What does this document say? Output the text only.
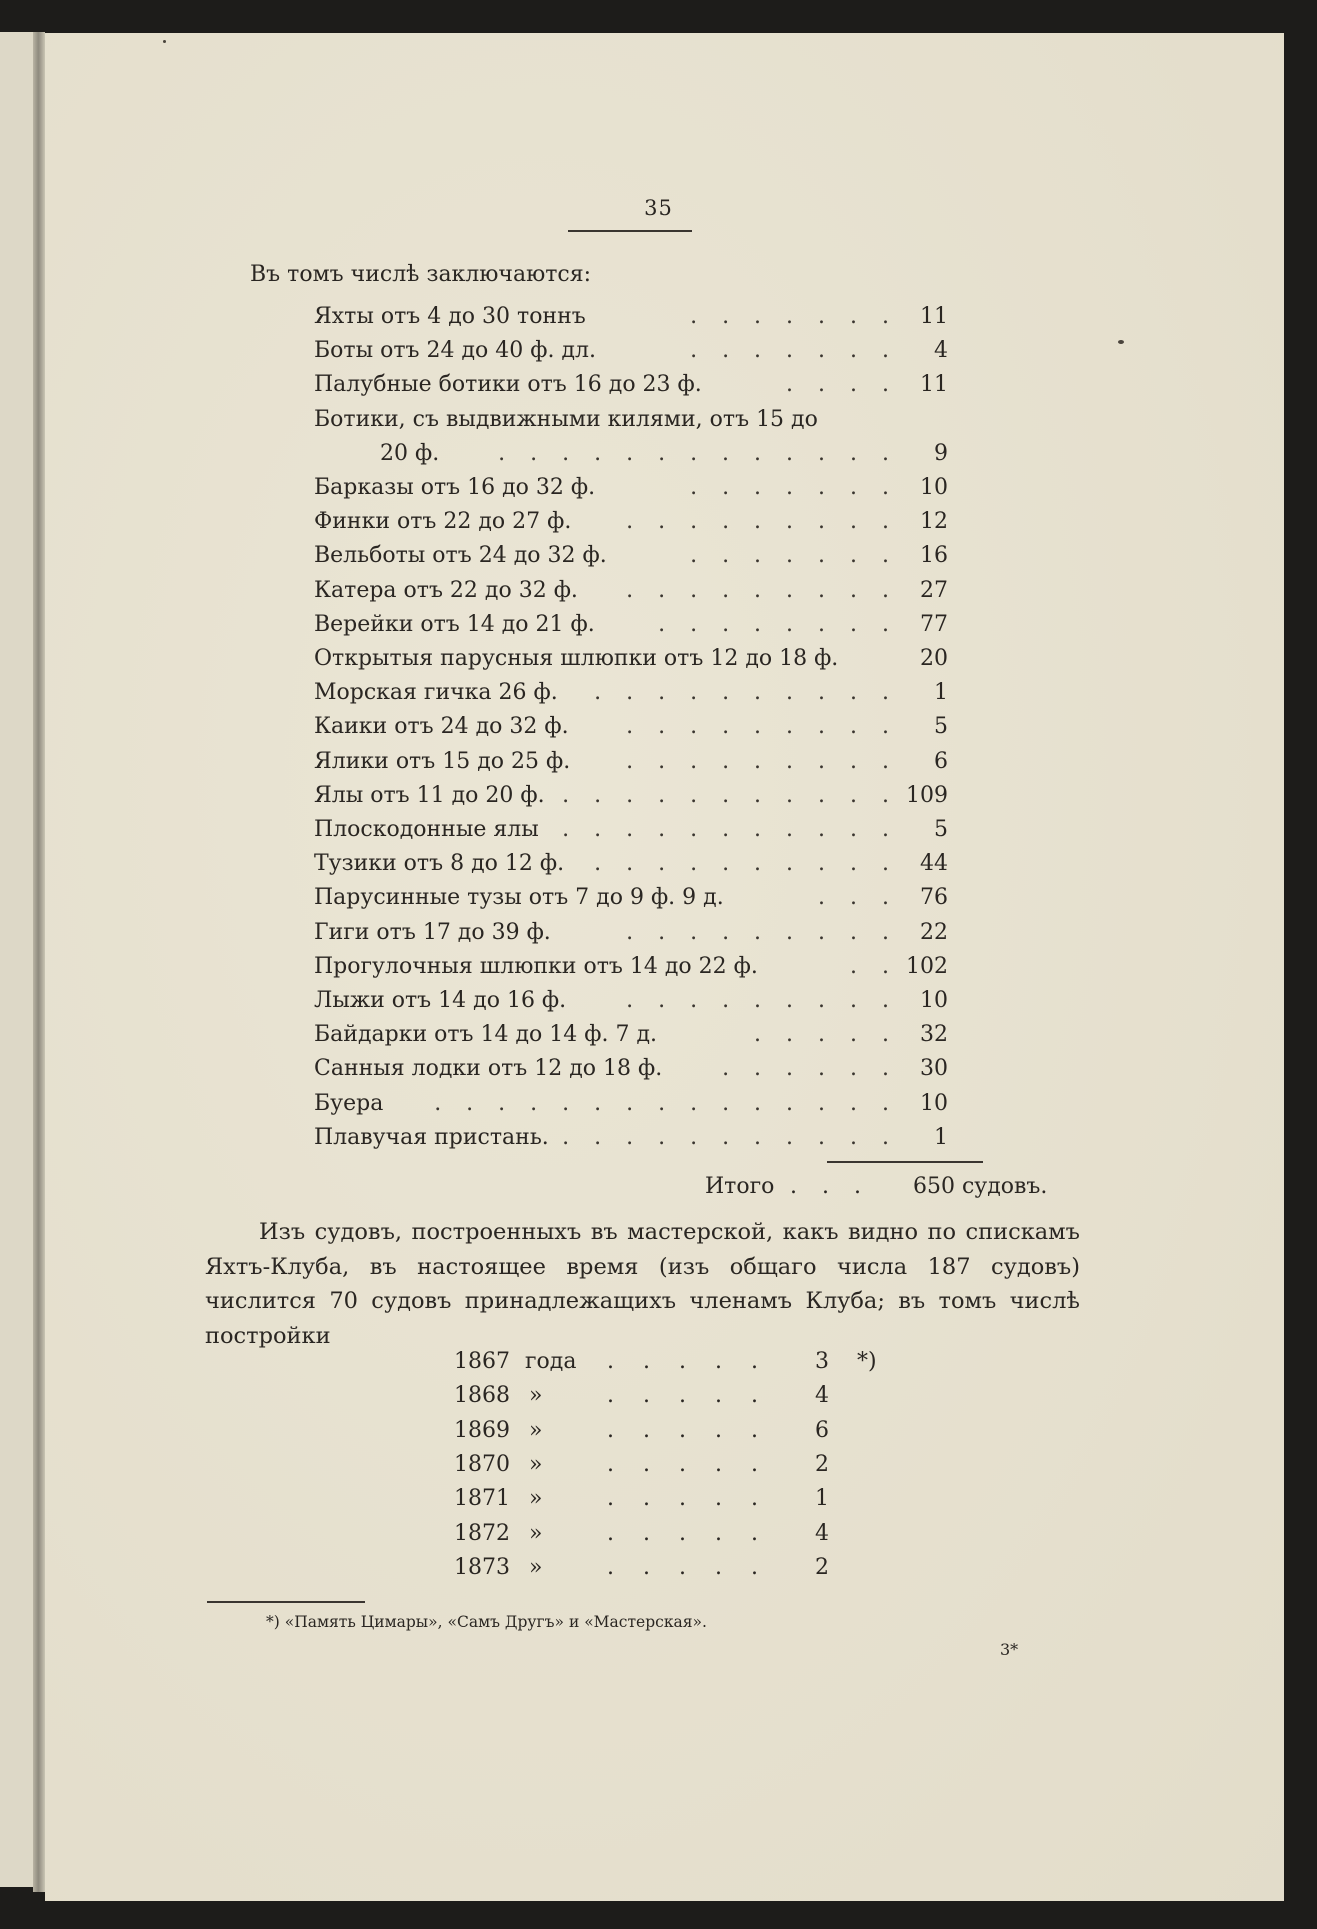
35
Въ томъ числѣ заключаются:
Яхты отъ 4 до 30 тоннъ	. . . . . . . 11
Боты отъ 24 до 40 ф. дл.	. . . . . . . 4
Палубные ботики отъ 16 до 23 ф.	. . . . 11
Ботики, съ выдвижными килями, отъ 15 до
20 ф.	. . . . . . . . . . . . . 9
Барказы отъ 16 до 32 ф.	. . . . . . . 10
Финки отъ 22 до 27 ф.	. . . . . . . . . 12
Вельботы отъ 24 до 32 ф.	. . . . . . . 16
Катера отъ 22 до 32 ф.	. . . . . . . . . 27
Верейки отъ 14 до 21 ф.	. . . . . . . . 77
Открытыя парусныя шлюпки отъ 12 до 18 ф.	20
Морская гичка 26 ф.	. . . . . . . . . . 1
Каики отъ 24 до 32 ф.	. . . . . . . . . 5
Ялики отъ 15 до 25 ф.	. . . . . . . . . 6
Ялы отъ 11 до 20 ф. . . . . . . . . . . . 109
Плоскодонные ялы	. . . . . . . . . . . 5
Тузики отъ 8 до 12 ф.	. . . . . . . . . . 44
Парусинные тузы отъ 7 до 9 ф. 9 д.	. . . 76
Гиги отъ 17 до 39 ф.	. . . . . . . . . 22
Прогулочныя шлюпки отъ 14 до 22 ф.	. . 102
Лыжи отъ 14 до 16 ф.	. . . . . . . . . 10
Байдарки отъ 14 до 14 ф. 7 д.	. . . . . 32
Санныя лодки отъ 12 до 18 ф.	. . . . . . 30
Буера	. . . . . . . . . . . . . . . 10
Плавучая пристань. . . . . . . . . . . . 1
Итого . . . 650 судовъ.

Изъ судовъ, построенныхъ въ мастерской, какъ видно по спискамъ Яхтъ-Клуба, въ настоящее время (изъ общаго числа 187 судовъ) числится 70 судовъ принадлежащихъ членамъ Клуба; въ томъ числѣ постройки

1867 года . . . . . 3 *)
1868 »	. . . . . 4
1869 »	. . . . . 6
1870 »	. . . . . 2
1871 »	. . . . . 1
1872 »	. . . . . 4
1873 »	. . . . . 2
*) «Память Цимары», «Самъ Другъ» и «Мастерская».
3*
